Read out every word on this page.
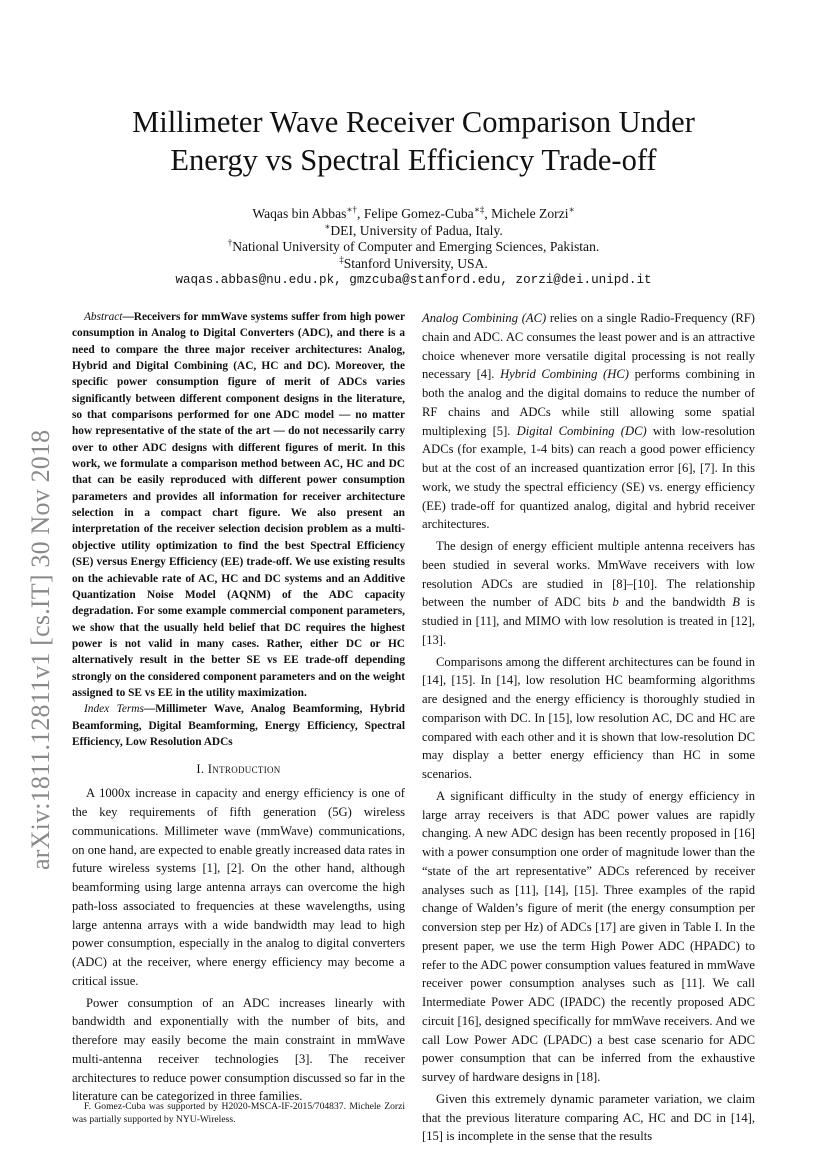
arXiv:1811.12811v1 [cs.IT] 30 Nov 2018
Millimeter Wave Receiver Comparison Under
Energy vs Spectral Efficiency Trade-off
Waqas bin Abbas∗†, Felipe Gomez-Cuba∗‡, Michele Zorzi∗
∗DEI, University of Padua, Italy.
†National University of Computer and Emerging Sciences, Pakistan.
‡Stanford University, USA.
waqas.abbas@nu.edu.pk, gmzcuba@stanford.edu, zorzi@dei.unipd.it

Abstract—Receivers for mmWave systems suffer from high power consumption in Analog to Digital Converters (ADC), and there is a need to compare the three major receiver architectures: Analog, Hybrid and Digital Combining (AC, HC and DC). Moreover, the specific power consumption figure of merit of ADCs varies significantly between different component designs in the literature, so that comparisons performed for one ADC model — no matter how representative of the state of the art — do not necessarily carry over to other ADC designs with different figures of merit. In this work, we formulate a comparison method between AC, HC and DC that can be easily reproduced with different power consumption parameters and provides all information for receiver architecture selection in a compact chart figure. We also present an interpretation of the receiver selection decision problem as a multi-objective utility optimization to find the best Spectral Efficiency (SE) versus Energy Efficiency (EE) trade-off. We use existing results on the achievable rate of AC, HC and DC systems and an Additive Quantization Noise Model (AQNM) of the ADC capacity degradation. For some example commercial component parameters, we show that the usually held belief that DC requires the highest power is not valid in many cases. Rather, either DC or HC alternatively result in the better SE vs EE trade-off depending strongly on the considered component parameters and on the weight assigned to SE vs EE in the utility maximization.

Index Terms—Millimeter Wave, Analog Beamforming, Hybrid Beamforming, Digital Beamforming, Energy Efficiency, Spectral Efficiency, Low Resolution ADCs

I. Introduction

A 1000x increase in capacity and energy efficiency is one of the key requirements of fifth generation (5G) wireless communications. Millimeter wave (mmWave) communications, on one hand, are expected to enable greatly increased data rates in future wireless systems [1], [2]. On the other hand, although beamforming using large antenna arrays can overcome the high path-loss associated to frequencies at these wavelengths, using large antenna arrays with a wide bandwidth may lead to high power consumption, especially in the analog to digital converters (ADC) at the receiver, where energy efficiency may become a critical issue.

Power consumption of an ADC increases linearly with bandwidth and exponentially with the number of bits, and therefore may easily become the main constraint in mmWave multi-antenna receiver technologies [3]. The receiver architectures to reduce power consumption discussed so far in the literature can be categorized in three families.

F. Gomez-Cuba was supported by H2020-MSCA-IF-2015/704837. Michele Zorzi was partially supported by NYU-Wireless.

Analog Combining (AC) relies on a single Radio-Frequency (RF) chain and ADC. AC consumes the least power and is an attractive choice whenever more versatile digital processing is not really necessary [4]. Hybrid Combining (HC) performs combining in both the analog and the digital domains to reduce the number of RF chains and ADCs while still allowing some spatial multiplexing [5]. Digital Combining (DC) with low-resolution ADCs (for example, 1-4 bits) can reach a good power efficiency but at the cost of an increased quantization error [6], [7]. In this work, we study the spectral efficiency (SE) vs. energy efficiency (EE) trade-off for quantized analog, digital and hybrid receiver architectures.

The design of energy efficient multiple antenna receivers has been studied in several works. MmWave receivers with low resolution ADCs are studied in [8]–[10]. The relationship between the number of ADC bits b and the bandwidth B is studied in [11], and MIMO with low resolution is treated in [12], [13].

Comparisons among the different architectures can be found in [14], [15]. In [14], low resolution HC beamforming algorithms are designed and the energy efficiency is thoroughly studied in comparison with DC. In [15], low resolution AC, DC and HC are compared with each other and it is shown that low-resolution DC may display a better energy efficiency than HC in some scenarios.

A significant difficulty in the study of energy efficiency in large array receivers is that ADC power values are rapidly changing. A new ADC design has been recently proposed in [16] with a power consumption one order of magnitude lower than the “state of the art representative” ADCs referenced by receiver analyses such as [11], [14], [15]. Three examples of the rapid change of Walden’s figure of merit (the energy consumption per conversion step per Hz) of ADCs [17] are given in Table I. In the present paper, we use the term High Power ADC (HPADC) to refer to the ADC power consumption values featured in mmWave receiver power consumption analyses such as [11]. We call Intermediate Power ADC (IPADC) the recently proposed ADC circuit [16], designed specifically for mmWave receivers. And we call Low Power ADC (LPADC) a best case scenario for ADC power consumption that can be inferred from the exhaustive survey of hardware designs in [18].

Given this extremely dynamic parameter variation, we claim that the previous literature comparing AC, HC and DC in [14], [15] is incomplete in the sense that the results
